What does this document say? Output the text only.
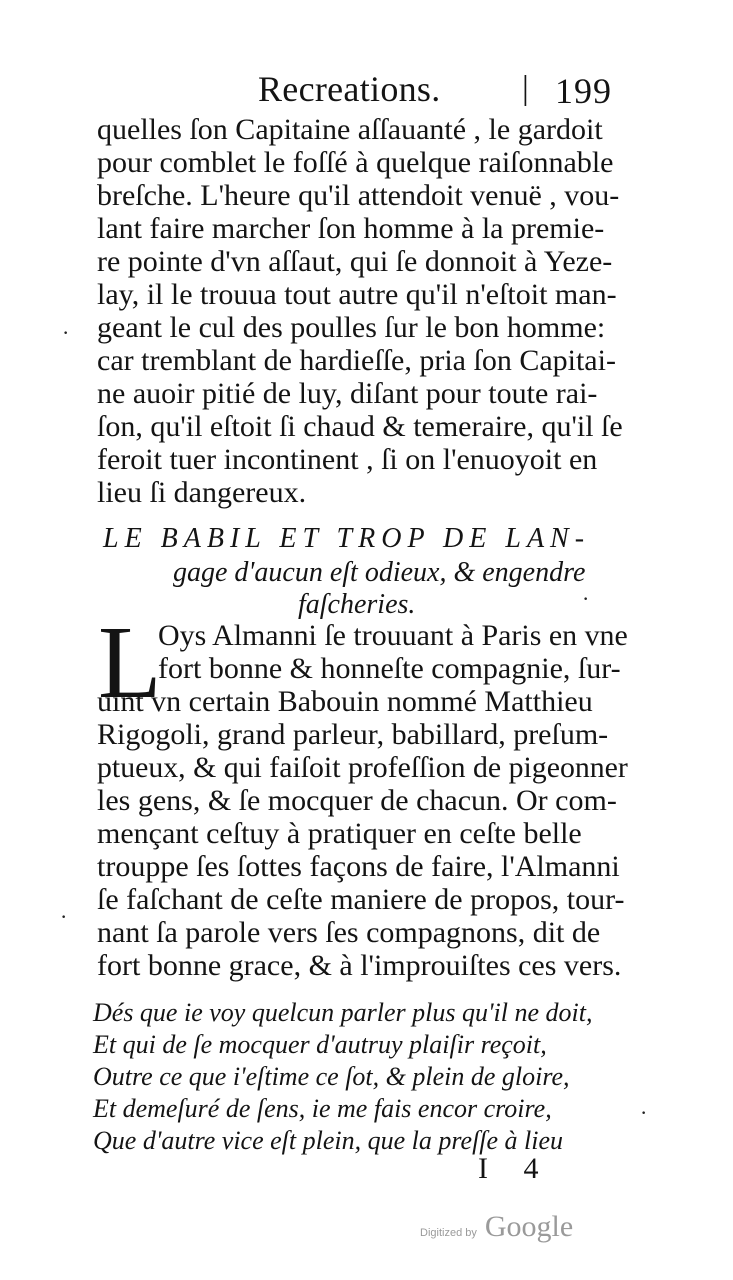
Recreations. | 199
quelles ſon Capitaine aſſauanté , le gardoit
pour comblet le foſſé à quelque raiſonnable
breſche. L'heure qu'il attendoit venuë , vou-
lant faire marcher ſon homme à la premie-
re pointe d'vn aſſaut, qui ſe donnoit à Yeze-
lay, il le trouua tout autre qu'il n'eſtoit man-
geant le cul des poulles ſur le bon homme:
car tremblant de hardieſſe, pria ſon Capitai-
ne auoir pitié de luy, diſant pour toute rai-
ſon, qu'il eſtoit ſi chaud & temeraire, qu'il ſe
feroit tuer incontinent , ſi on l'enuoyoit en
lieu ſi dangereux.
LE BABIL ET TROP DE LAN-
gage d'aucun eſt odieux, & engendre
faſcheries.
L
Oys Almanni ſe trouuant à Paris en vne
fort bonne & honneſte compagnie, ſur-
uint vn certain Babouin nommé Matthieu
Rigogoli, grand parleur, babillard, preſum-
ptueux, & qui faiſoit profeſſion de pigeonner
les gens, & ſe mocquer de chacun. Or com-
mençant ceſtuy à pratiquer en ceſte belle
trouppe ſes ſottes façons de faire, l'Almanni
ſe faſchant de ceſte maniere de propos, tour-
nant ſa parole vers ſes compagnons, dit de
fort bonne grace, & à l'improuiſtes ces vers.
Dés que ie voy quelcun parler plus qu'il ne doit,
Et qui de ſe mocquer d'autruy plaiſir reçoit,
Outre ce que i'eſtime ce ſot, & plein de gloire,
Et demeſuré de ſens, ie me fais encor croire,
Que d'autre vice eſt plein, que la preſſe à lieu
I 4
·
·
·
·
Digitized by Google
